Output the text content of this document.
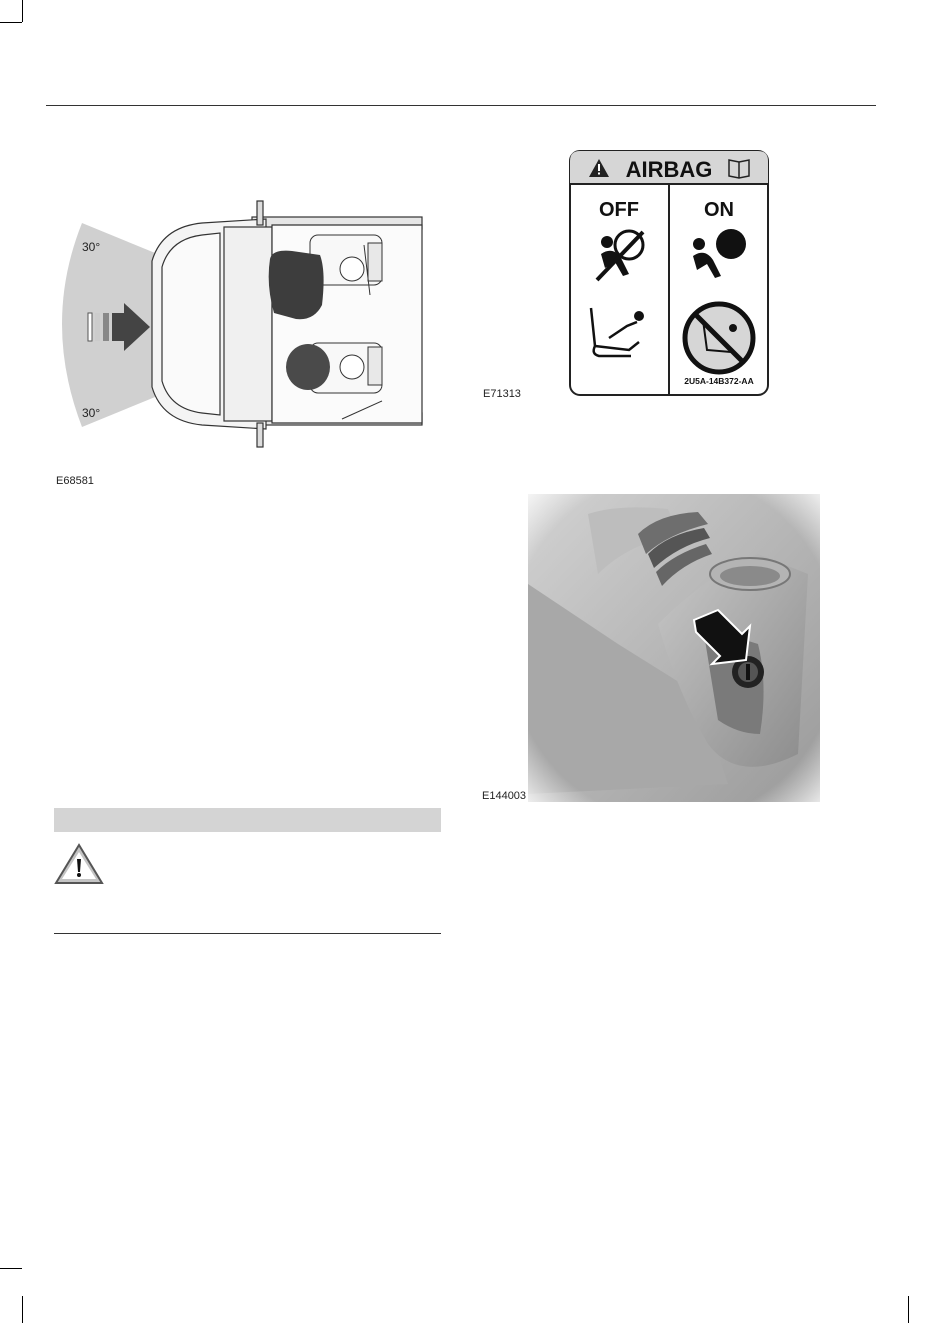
30°
30°
E68581
AIRBAG
OFF	ON
2U5A-14B372-AA
E71313
E144003
